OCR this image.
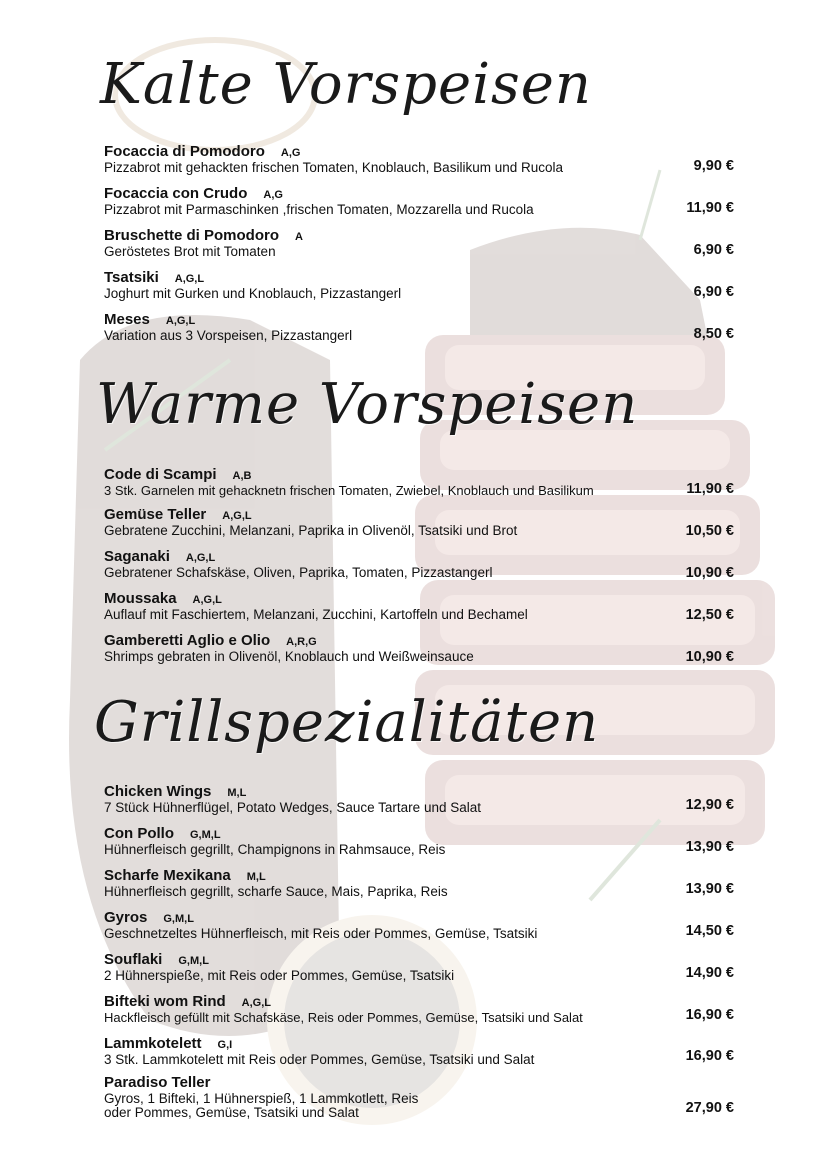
Kalte Vorspeisen
Focaccia di Pomodoro A,G
Pizzabrot mit gehackten frischen Tomaten, Knoblauch, Basilikum und Rucola	9,90 €
Focaccia con Crudo A,G
Pizzabrot mit Parmaschinken ,frischen Tomaten, Mozzarella und Rucola	11,90 €
Bruschette di Pomodoro A
Geröstetes Brot mit Tomaten	6,90 €
Tsatsiki A,G,L
Joghurt mit Gurken und Knoblauch, Pizzastangerl	6,90 €
Meses A,G,L
Variation aus 3 Vorspeisen, Pizzastangerl	8,50 €
Warme Vorspeisen
Code di Scampi A,B
3 Stk. Garnelen mit gehacknetn frischen Tomaten, Zwiebel, Knoblauch und Basilikum	11,90 €
Gemüse Teller A,G,L
Gebratene Zucchini, Melanzani, Paprika in Olivenöl, Tsatsiki und Brot	10,50 €
Saganaki A,G,L
Gebratener Schafskäse, Oliven, Paprika, Tomaten, Pizzastangerl	10,90 €
Moussaka A,G,L
Auflauf mit Faschiertem, Melanzani, Zucchini, Kartoffeln und Bechamel	12,50 €
Gamberetti Aglio e Olio A,R,G
Shrimps gebraten in Olivenöl, Knoblauch und Weißweinsauce	10,90 €
Grillspezialitäten
Chicken Wings M,L
7 Stück Hühnerflügel, Potato Wedges, Sauce Tartare und Salat	12,90 €
Con Pollo G,M,L
Hühnerfleisch gegrillt, Champignons in Rahmsauce, Reis	13,90 €
Scharfe Mexikana M,L
Hühnerfleisch gegrillt, scharfe Sauce, Mais, Paprika, Reis	13,90 €
Gyros G,M,L
Geschnetzeltes Hühnerfleisch, mit Reis oder Pommes, Gemüse, Tsatsiki	14,50 €
Souflaki G,M,L
2 Hühnerspieße, mit Reis oder Pommes, Gemüse, Tsatsiki	14,90 €
Bifteki wom Rind A,G,L
Hackfleisch gefüllt mit Schafskäse, Reis oder Pommes, Gemüse, Tsatsiki und Salat	16,90 €
Lammkotelett G,I
3 Stk. Lammkotelett mit Reis oder Pommes, Gemüse, Tsatsiki und Salat	16,90 €
Paradiso Teller
Gyros, 1 Bifteki, 1 Hühnerspieß, 1 Lammkotlett, Reis
oder Pommes, Gemüse, Tsatsiki und Salat	27,90 €
